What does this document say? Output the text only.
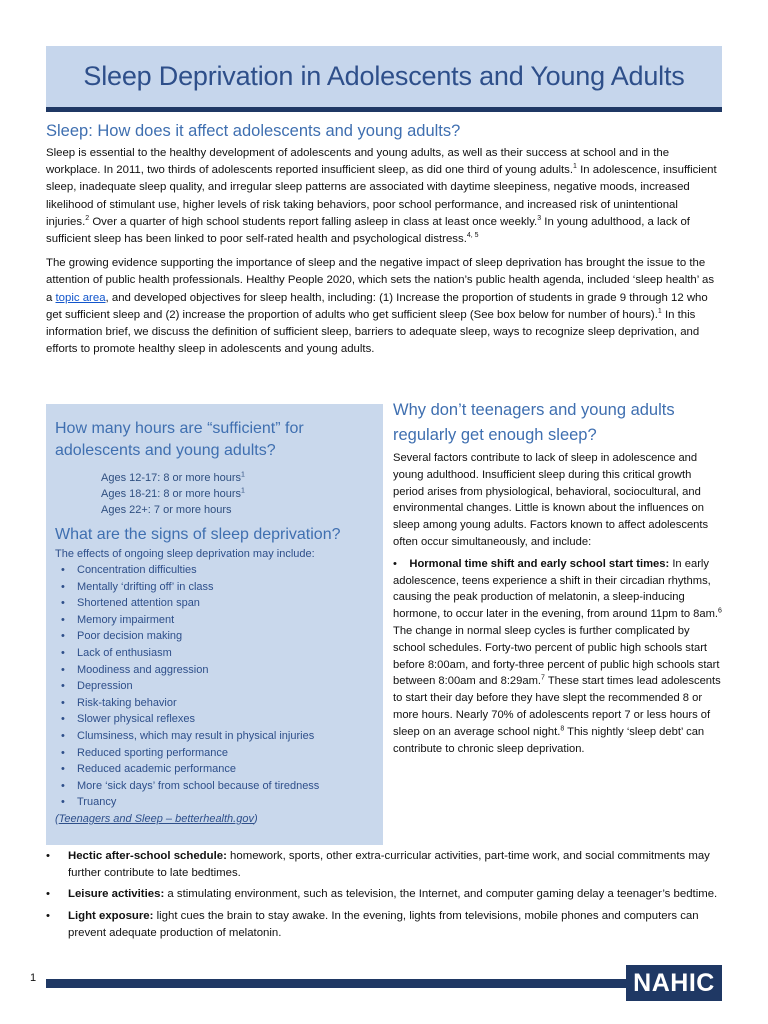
Sleep Deprivation in Adolescents and Young Adults
Sleep: How does it affect adolescents and young adults?

Sleep is essential to the healthy development of adolescents and young adults, as well as their success at school and in the workplace. In 2011, two thirds of adolescents reported insufficient sleep, as did one third of young adults.$^1$ In adolescence, insufficient sleep, inadequate sleep quality, and irregular sleep patterns are associated with daytime sleepiness, negative moods, increased likelihood of stimulant use, higher levels of risk taking behaviors, poor school performance, and increased risk of unintentional injuries.$^2$ Over a quarter of high school students report falling asleep in class at least once weekly.$^3$ In young adulthood, a lack of sufficient sleep has been linked to poor self-rated health and psychological distress.$^{4, 5}$

The growing evidence supporting the importance of sleep and the negative impact of sleep deprivation has brought the issue to the attention of public health professionals. Healthy People 2020, which sets the nation’s public health agenda, included ‘sleep health’ as a topic area, and developed objectives for sleep health, including: (1) Increase the proportion of students in grade 9 through 12 who get sufficient sleep and (2) increase the proportion of adults who get sufficient sleep (See box below for number of hours).$^1$ In this information brief, we discuss the definition of sufficient sleep, barriers to adequate sleep, ways to recognize sleep deprivation, and efforts to promote healthy sleep in adolescents and young adults.

How many hours are “sufficient” for adolescents and young adults?
Ages 12-17: 8 or more hours$^1$
Ages 18-21: 8 or more hours$^1$
Ages 22+: 7 or more hours
What are the signs of sleep deprivation?
The effects of ongoing sleep deprivation may include:
• Concentration difficulties
• Mentally ‘drifting off’ in class
• Shortened attention span
• Memory impairment
• Poor decision making
• Lack of enthusiasm
• Moodiness and aggression
• Depression
• Risk-taking behavior
• Slower physical reflexes
• Clumsiness, which may result in physical injuries
• Reduced sporting performance
• Reduced academic performance
• More ‘sick days’ from school because of tiredness
• Truancy
(Teenagers and Sleep – betterhealth.gov)
Why don’t teenagers and young adults regularly get enough sleep?

Several factors contribute to lack of sleep in adolescence and young adulthood. Insufficient sleep during this critical growth period arises from physiological, behavioral, sociocultural, and environmental changes. Little is known about the influences on sleep among young adults. Factors known to affect adolescents often occur simultaneously, and include:

• Hormonal time shift and early school start times: In early adolescence, teens experience a shift in their circadian rhythms, causing the peak production of melatonin, a sleep-inducing hormone, to occur later in the evening, from around 11pm to 8am.$^6$ The change in normal sleep cycles is further complicated by school schedules. Forty-two percent of public high schools start before 8:00am, and forty-three percent of public high schools start between 8:00am and 8:29am.$^7$ These start times lead adolescents to start their day before they have slept the recommended 8 or more hours. Nearly 70% of adolescents report 7 or less hours of sleep on an average school night.$^8$ This nightly ‘sleep debt’ can contribute to chronic sleep deprivation.

• Hectic after-school schedule: homework, sports, other extra-curricular activities, part-time work, and social commitments may further contribute to late bedtimes.
• Leisure activities: a stimulating environment, such as television, the Internet, and computer gaming delay a teenager’s bedtime.
• Light exposure: light cues the brain to stay awake. In the evening, lights from televisions, mobile phones and computers can prevent adequate production of melatonin.
1	NAHIC
